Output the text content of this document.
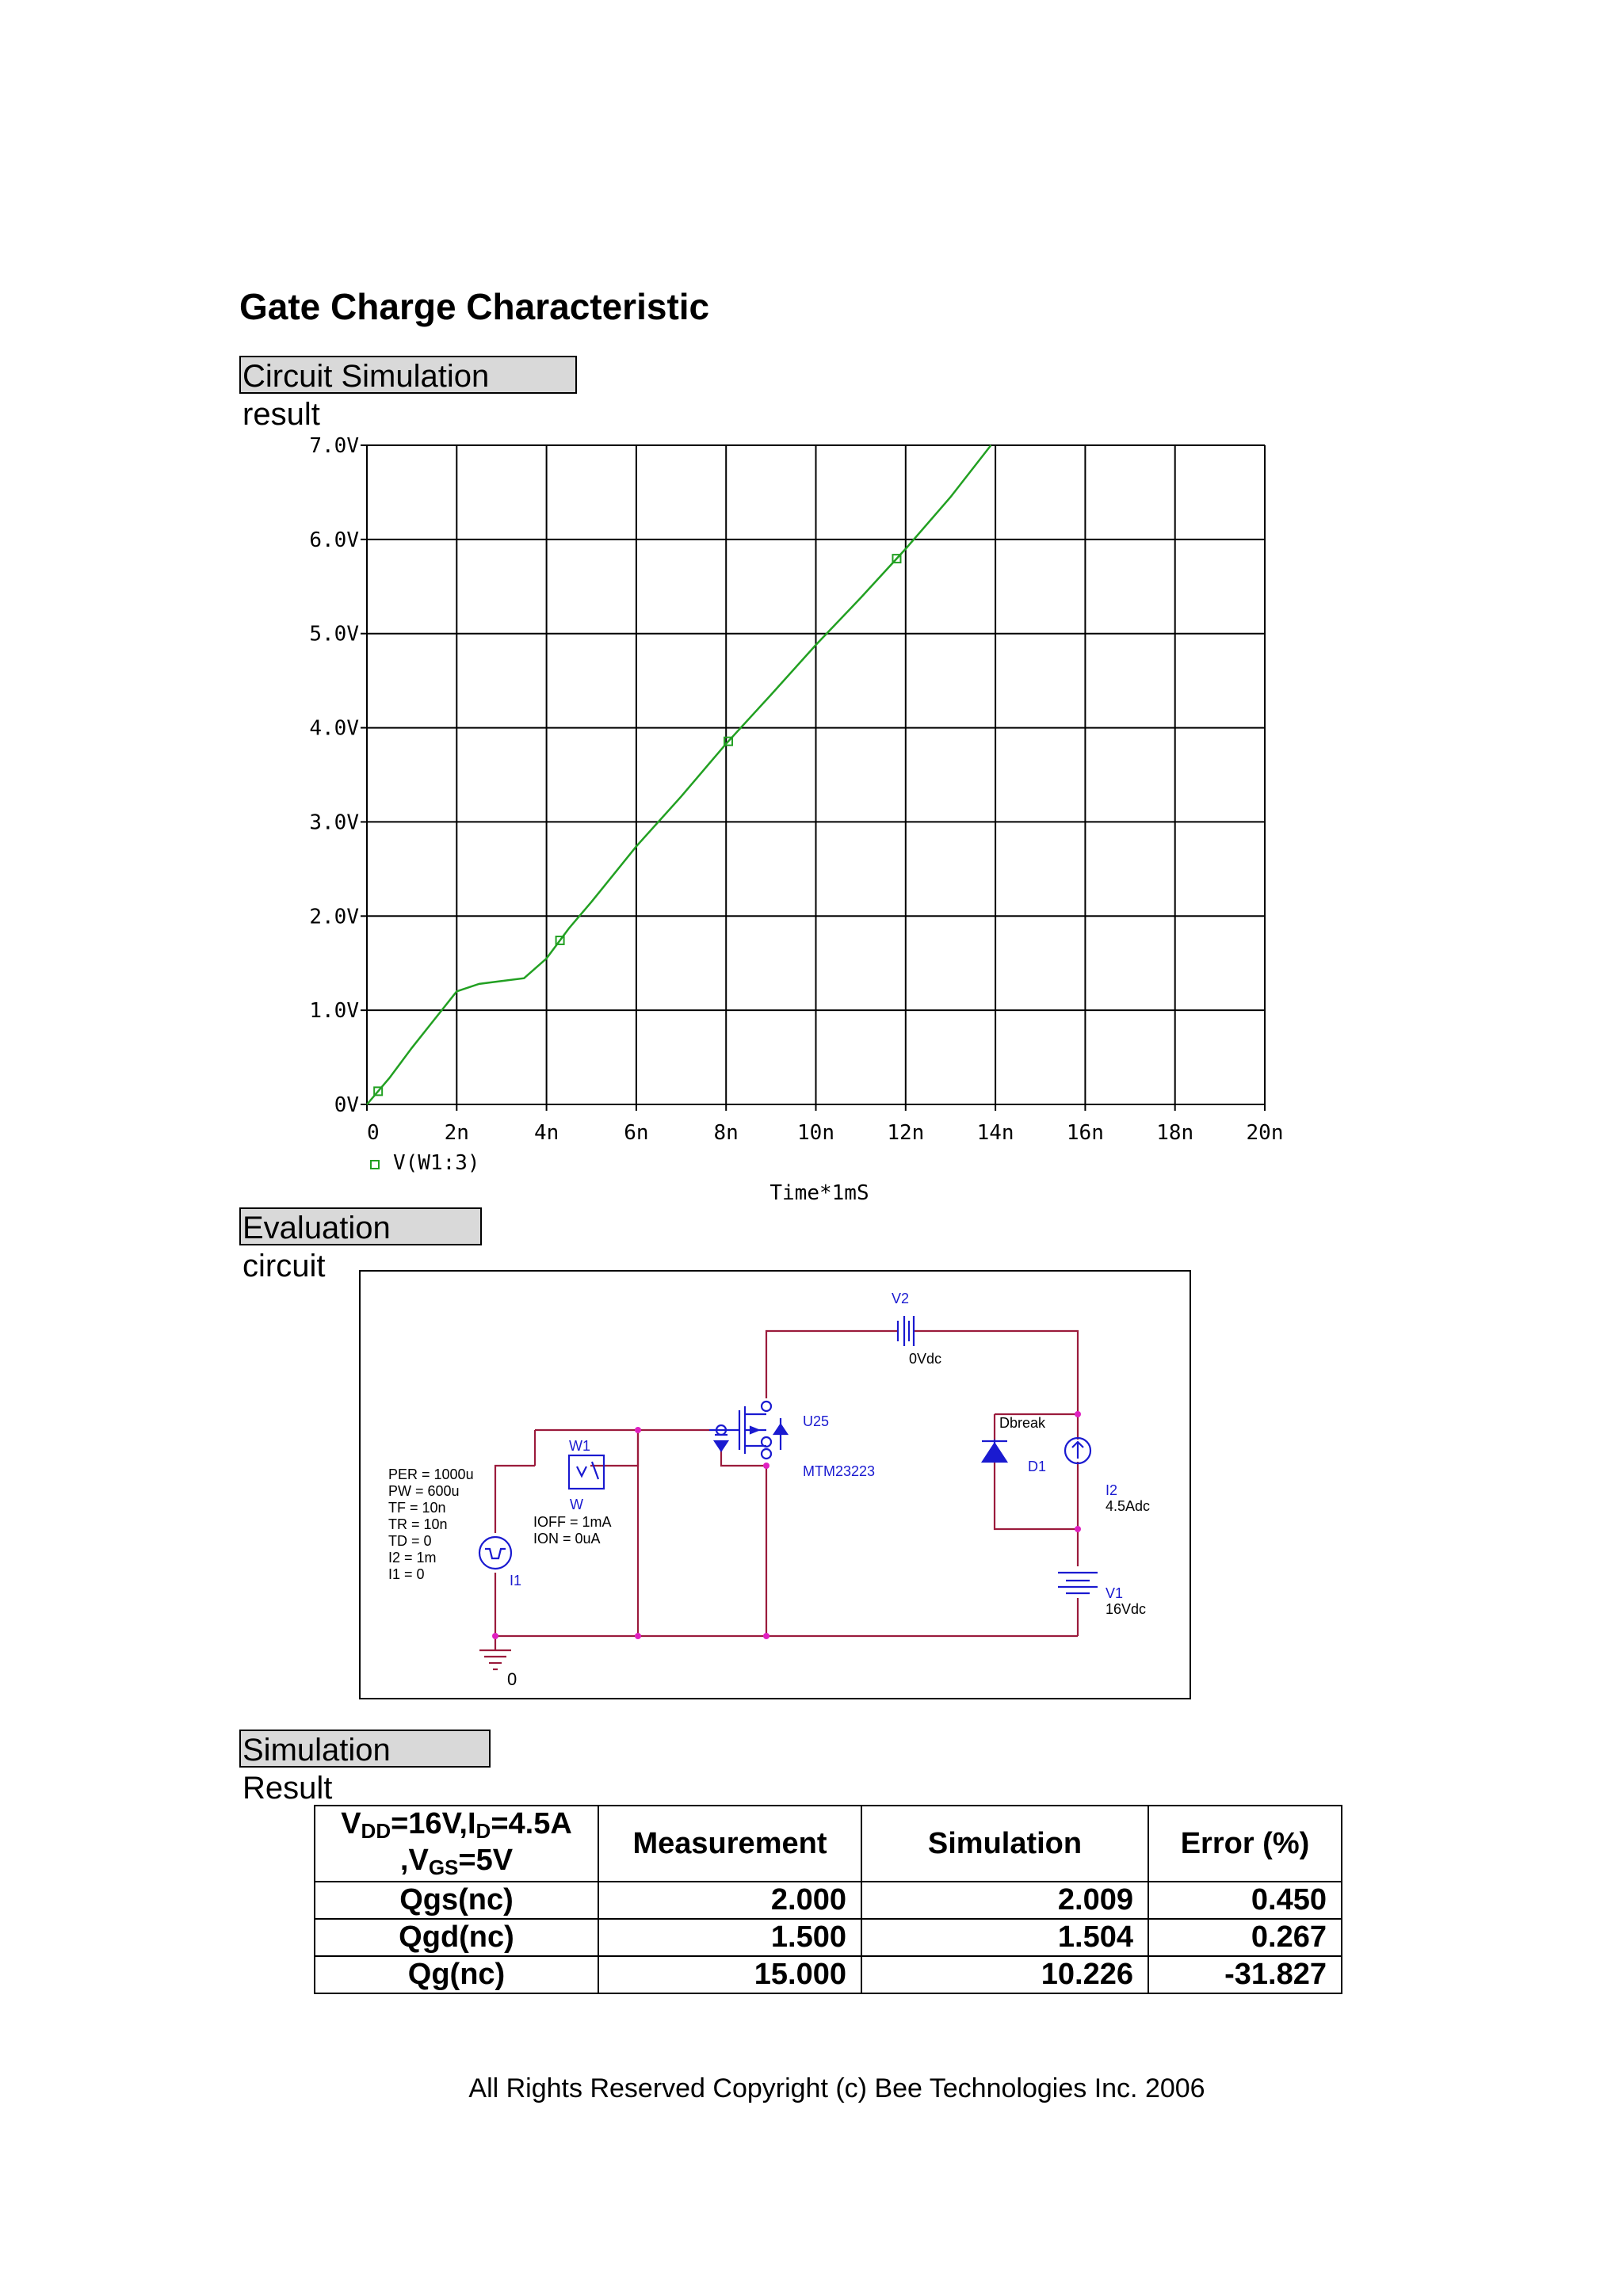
Gate Charge Characteristic
Circuit Simulation result
0V
1.0V
2.0V
3.0V
4.0V
5.0V
6.0V
7.0V
0	2n	4n	6n	8n	10n	12n	14n	16n	18n	20n
V(W1:3)
Time*1mS
Evaluation circuit
V2
0Vdc
U25
MTM23223
Dbreak
D1
I2
4.5Adc
V1
16Vdc
W1
W
IOFF = 1mA
ION = 0uA
I1
PER = 1000u
PW = 600u
TF = 10n
TR = 10n
TD = 0
I2 = 1m
I1 = 0
0
Simulation Result
$V_{DD}=16V,I_D=4.5A$
$,V_{GS}=5V$	Measurement	Simulation	Error (%)
Qgs(nc)	2.000	2.009	0.450
Qgd(nc)	1.500	1.504	0.267
Qg(nc)	15.000	10.226	-31.827
All Rights Reserved Copyright (c) Bee Technologies Inc. 2006
